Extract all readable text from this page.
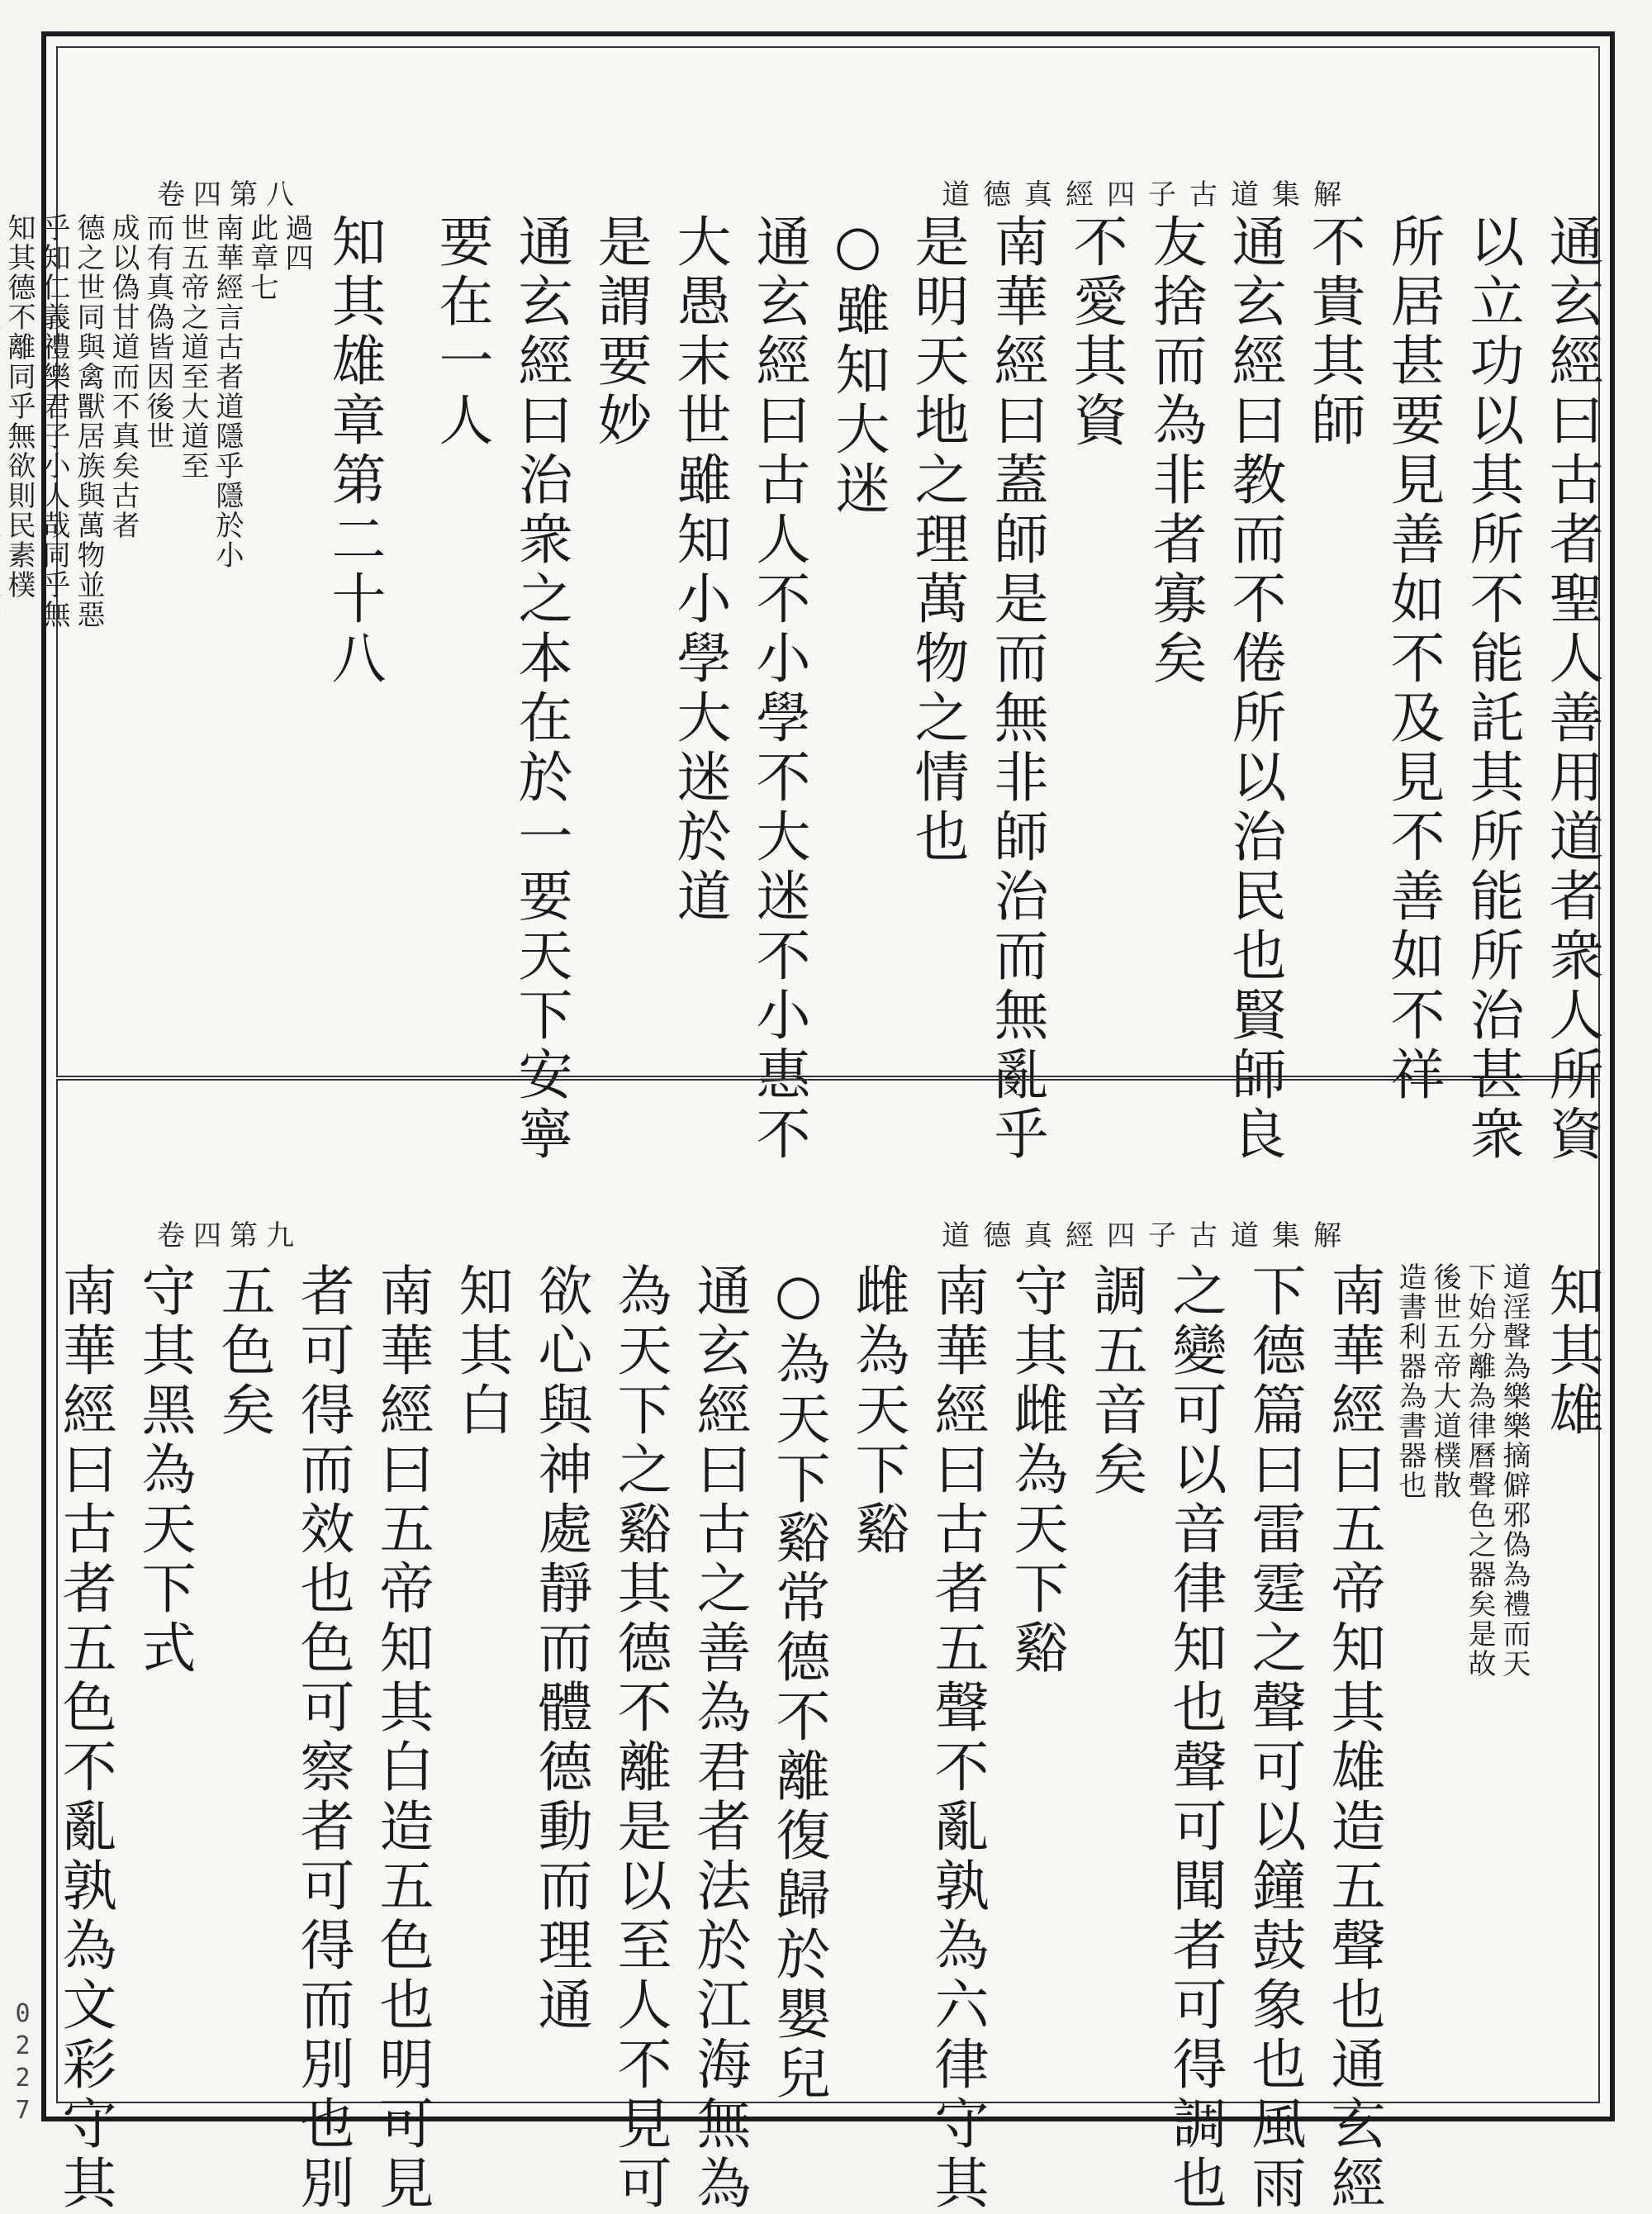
道德真經四子古道集解
卷四第八
通玄經曰古者聖人善用道者衆人所資
以立功以其所不能託其所能所治甚衆
所居甚要見善如不及見不善如不祥
不貴其師
通玄經曰教而不倦所以治民也賢師良
友捨而為非者寡矣
不愛其資
南華經曰蓋師是而無非師治而無亂乎
是明天地之理萬物之情也
○雖知大迷
通玄經曰古人不小學不大迷不小惠不
大愚末世雖知小學大迷於道
是謂要妙
通玄經曰治衆之本在於一要天下安寧
要在一人
知其雄章第二十八
過四
此章七
南華經言古者道隱乎隱於小
世五帝之道至大道至
而有真偽皆因後世
成以偽甘道而不真矣古者
德之世同與禽獸居族與萬物並惡
乎知仁義禮樂君子小人哉同乎無
知其德不離同乎無欲則民素樸
道德真經四子古道集解
卷四第九
知其雄
道淫聲為樂樂摘僻邪偽為禮而天
下始分離為律曆聲色之器矣是故
後世五帝大道樸散
造書利器為書器也
南華經曰五帝知其雄造五聲也通玄經
下德篇曰雷霆之聲可以鐘鼓象也風雨
之變可以音律知也聲可聞者可得調也
調五音矣
守其雌為天下谿
南華經曰古者五聲不亂孰為六律守其
雌為天下谿
○為天下谿常德不離復歸於嬰兒
通玄經曰古之善為君者法於江海無為
為天下之谿其德不離是以至人不見可
欲心與神處靜而體德動而理通
知其白
南華經曰五帝知其白造五色也明可見
者可得而效也色可察者可得而別也別
五色矣
守其黑為天下式
南華經曰古者五色不亂孰為文彩守其
0227
